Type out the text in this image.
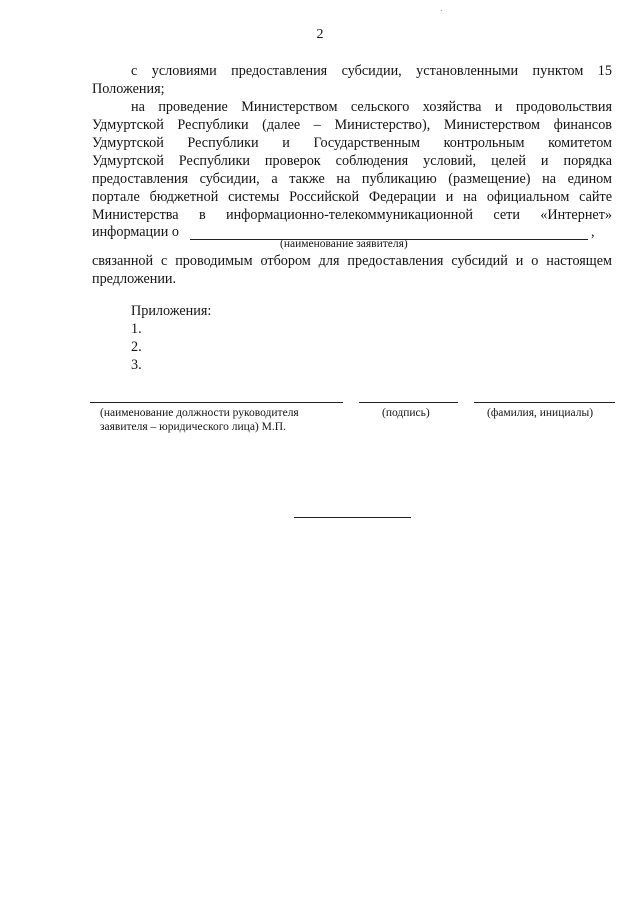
2
с условиями предоставления субсидии, установленными пунктом 15
Положения;
на проведение Министерством сельского хозяйства и продовольствия
Удмуртской Республики (далее – Министерство), Министерством финансов
Удмуртской Республики и Государственным контрольным комитетом
Удмуртской Республики проверок соблюдения условий, целей и порядка
предоставления субсидии, а также на публикацию (размещение) на едином
портале бюджетной системы Российской Федерации и на официальном сайте
Министерства в информационно-телекоммуникационной сети «Интернет»
информации о	,
(наименование заявителя)
связанной с проводимым отбором для предоставления субсидий и о настоящем
предложении.
Приложения:
1.
2.
3.
(наименование должности руководителя
заявителя – юридического лица) М.П.
(подпись)	(фамилия, инициалы)
